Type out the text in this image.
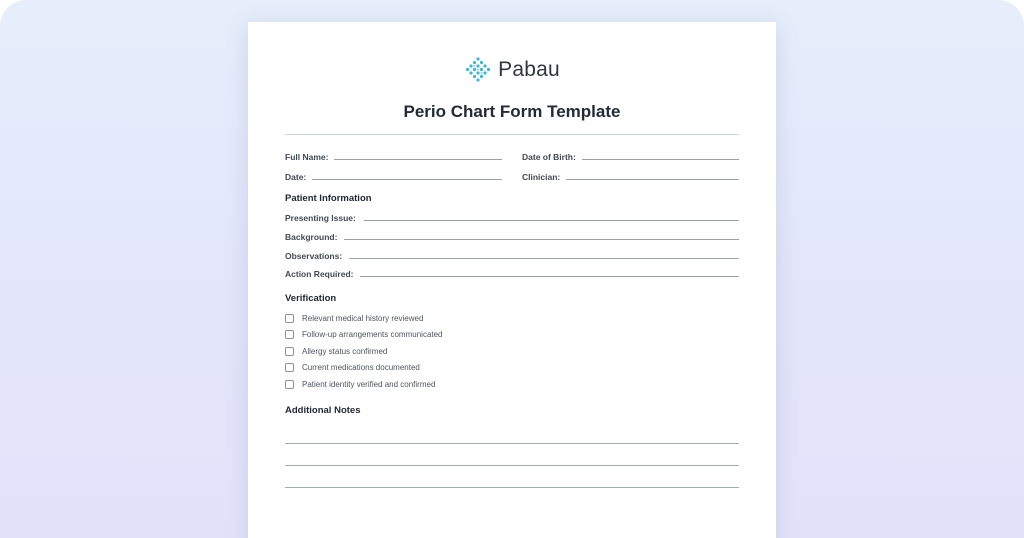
Pabau
Perio Chart Form Template
Full Name:	Date of Birth:
Date:	Clinician:
Patient Information
Presenting Issue:
Background:
Observations:
Action Required:
Verification
Relevant medical history reviewed
Follow-up arrangements communicated
Allergy status confirmed
Current medications documented
Patient identity verified and confirmed
Additional Notes
